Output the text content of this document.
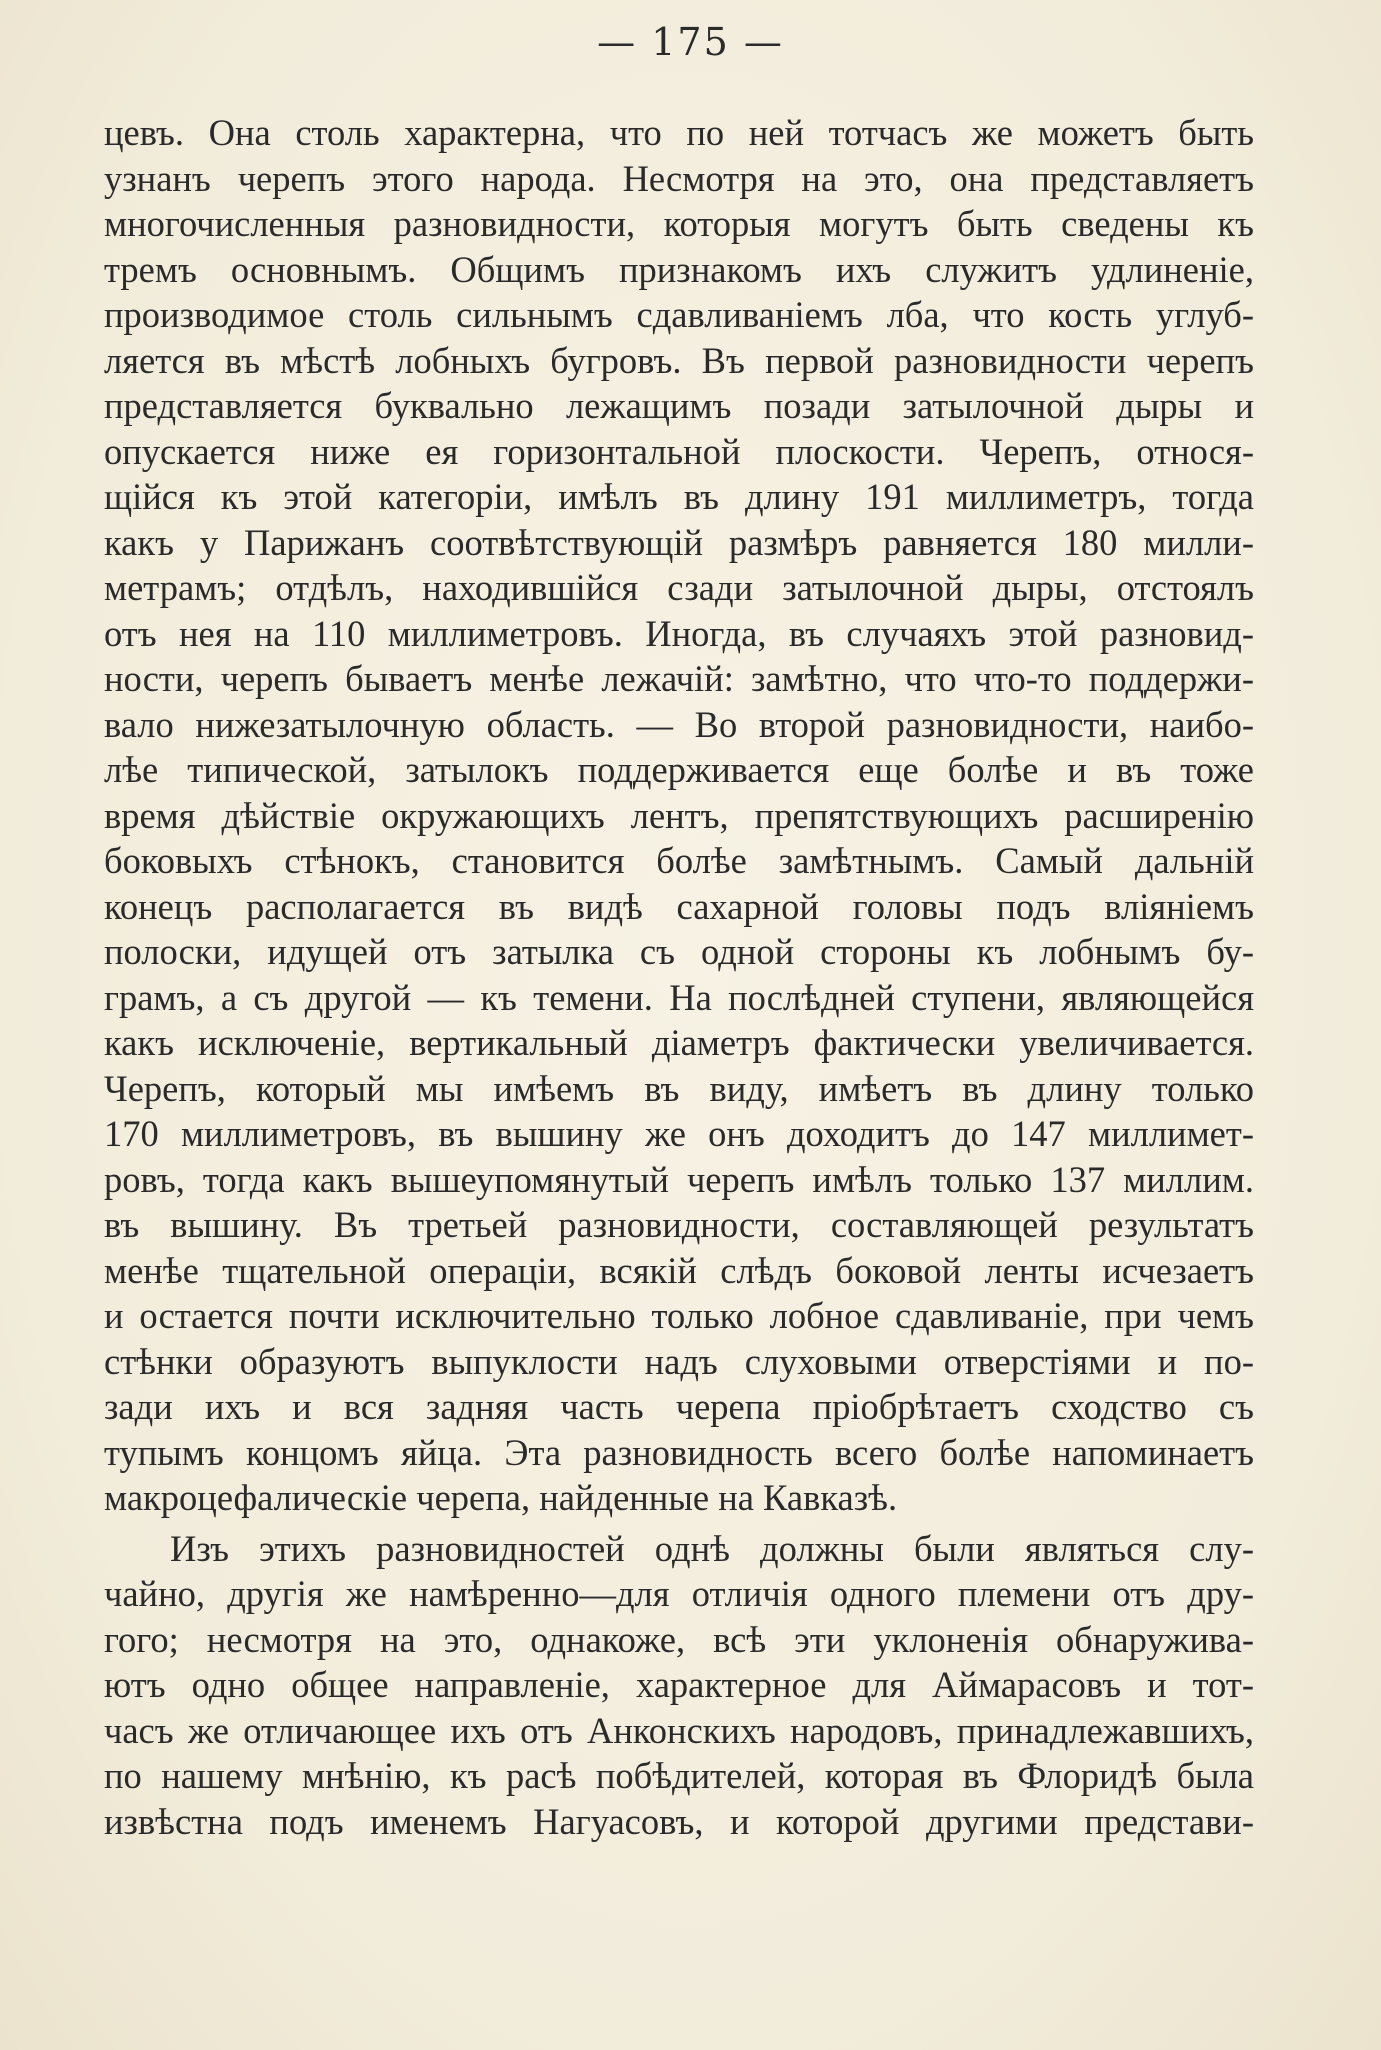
— 175 —
цевъ. Она столь характерна, что по ней тотчасъ же можетъ быть
узнанъ черепъ этого народа. Несмотря на это, она представляетъ
многочисленныя разновидности, которыя могутъ быть сведены къ
тремъ основнымъ. Общимъ признакомъ ихъ служитъ удлиненіе,
производимое столь сильнымъ сдавливаніемъ лба, что кость углуб-
ляется въ мѣстѣ лобныхъ бугровъ. Въ первой разновидности черепъ
представляется буквально лежащимъ позади затылочной дыры и
опускается ниже ея горизонтальной плоскости. Черепъ, относя-
щійся къ этой категоріи, имѣлъ въ длину 191 миллиметръ, тогда
какъ у Парижанъ соотвѣтствующій размѣръ равняется 180 милли-
метрамъ; отдѣлъ, находившійся сзади затылочной дыры, отстоялъ
отъ нея на 110 миллиметровъ. Иногда, въ случаяхъ этой разновид-
ности, черепъ бываетъ менѣе лежачій: замѣтно, что что-то поддержи-
вало нижезатылочную область. — Во второй разновидности, наибо-
лѣе типической, затылокъ поддерживается еще болѣе и въ тоже
время дѣйствіе окружающихъ лентъ, препятствующихъ расширенію
боковыхъ стѣнокъ, становится болѣе замѣтнымъ. Самый дальній
конецъ располагается въ видѣ сахарной головы подъ вліяніемъ
полоски, идущей отъ затылка съ одной стороны къ лобнымъ бу-
грамъ, а съ другой — къ темени. На послѣдней ступени, являющейся
какъ исключеніе, вертикальный діаметръ фактически увеличивается.
Черепъ, который мы имѣемъ въ виду, имѣетъ въ длину только
170 миллиметровъ, въ вышину же онъ доходитъ до 147 миллимет-
ровъ, тогда какъ вышеупомянутый черепъ имѣлъ только 137 миллим.
въ вышину. Въ третьей разновидности, составляющей результатъ
менѣе тщательной операціи, всякій слѣдъ боковой ленты исчезаетъ
и остается почти исключительно только лобное сдавливаніе, при чемъ
стѣнки образуютъ выпуклости надъ слуховыми отверстіями и по-
зади ихъ и вся задняя часть черепа пріобрѣтаетъ сходство съ
тупымъ концомъ яйца. Эта разновидность всего болѣе напоминаетъ
макроцефалическіе черепа, найденные на Кавказѣ.
Изъ этихъ разновидностей однѣ должны были являться слу-
чайно, другія же намѣренно—для отличія одного племени отъ дру-
гого; несмотря на это, однакоже, всѣ эти уклоненія обнаружива-
ютъ одно общее направленіе, характерное для Аймарасовъ и тот-
часъ же отличающее ихъ отъ Анконскихъ народовъ, принадлежавшихъ,
по нашему мнѣнію, къ расѣ побѣдителей, которая въ Флоридѣ была
извѣстна подъ именемъ Нагуасовъ, и которой другими представи-
